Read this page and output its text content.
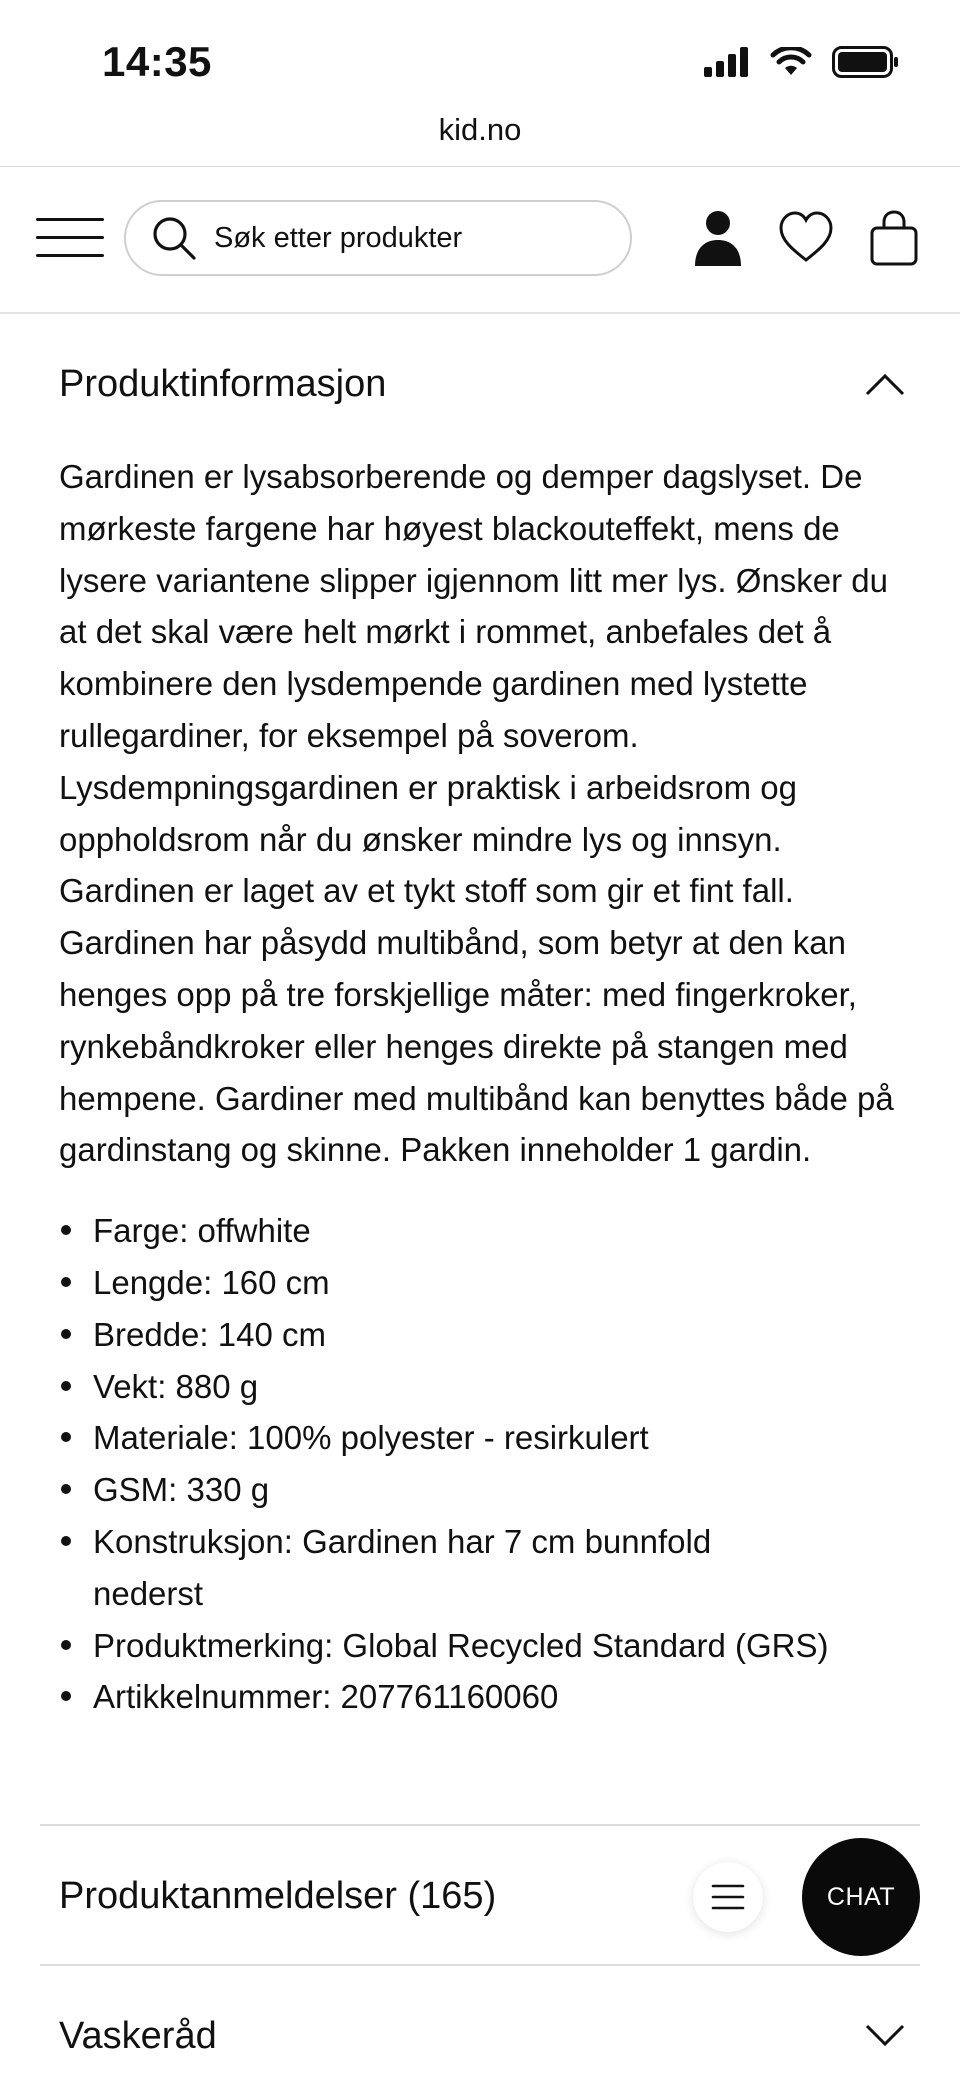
14:35
kid.no
Søk etter produkter
Produktinformasjon

Gardinen er lysabsorberende og demper dagslyset. De mørkeste fargene har høyest blackouteffekt, mens de lysere variantene slipper igjennom litt mer lys. Ønsker du at det skal være helt mørkt i rommet, anbefales det å kombinere den lysdempende gardinen med lystette rullegardiner, for eksempel på soverom. Lysdempningsgardinen er praktisk i arbeidsrom og oppholdsrom når du ønsker mindre lys og innsyn. Gardinen er laget av et tykt stoff som gir et fint fall. Gardinen har påsydd multibånd, som betyr at den kan henges opp på tre forskjellige måter: med fingerkroker, rynkebåndkroker eller henges direkte på stangen med hempene. Gardiner med multibånd kan benyttes både på gardinstang og skinne. Pakken inneholder 1 gardin.

Farge: offwhite
Lengde: 160 cm
Bredde: 140 cm
Vekt: 880 g
Materiale: 100% polyester - resirkulert
GSM: 330 g
Konstruksjon: Gardinen har 7 cm bunnfold nederst
Produktmerking: Global Recycled Standard (GRS)
Artikkelnummer: 207761160060
Produktanmeldelser (165)
Vaskeråd
CHAT
